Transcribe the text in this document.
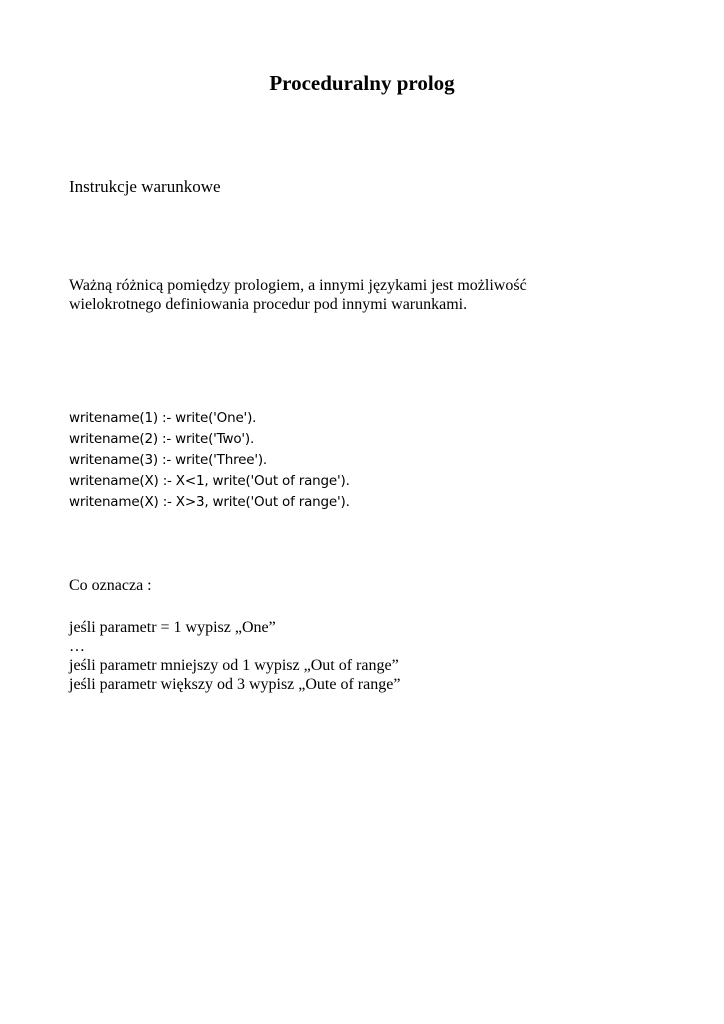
Proceduralny prolog
Instrukcje warunkowe
Ważną różnicą pomiędzy prologiem, a innymi językami jest możliwość
wielokrotnego definiowania procedur pod innymi warunkami.
writename(1) :- write('One').
writename(2) :- write('Two').
writename(3) :- write('Three').
writename(X) :- X<1, write('Out of range').
writename(X) :- X>3, write('Out of range').
Co oznacza :
jeśli parametr = 1 wypisz „One”
…
jeśli parametr mniejszy od 1 wypisz „Out of range”
jeśli parametr większy od 3 wypisz „Oute of range”
